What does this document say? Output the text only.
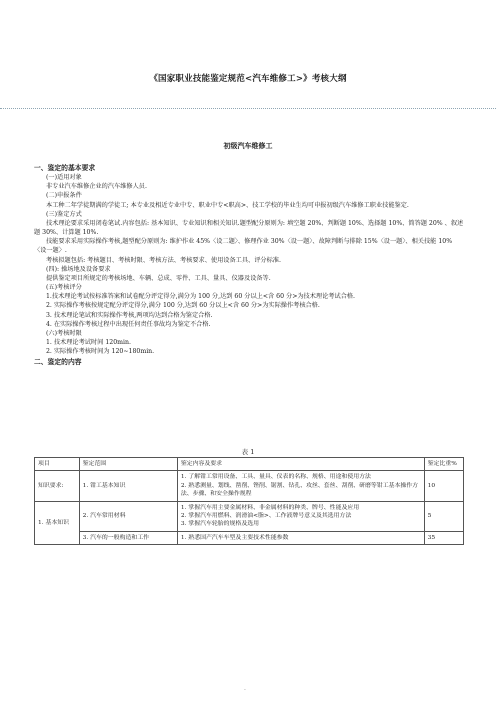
《国家职业技能鉴定规范<汽车维修工>》考核大纲
初级汽车维修工

一、鉴定的基本要求

(一)适用对象

非专业汽车维修企业的汽车维修人员.

(二)申报条件

本工种二年学徒期满的学徒工; 本专业及相近专业中专、职业中专<职高>、技工学校的毕业生均可申报初级汽车维修工职业技能鉴定.

(三)鉴定方式

技术理论要求采用闭卷笔试.内容包括: 基本知识、专业知识和相关知识.题型配分原则为: 填空题 20%、判断题 10%、选择题 10%、简答题 20% 、叙述题 30%、计算题 10%.

技能要求采用实际操作考核,题型配分原则为: 维护作业 45%〈设二题〉、修理作业 30%〈设一题〉、故障判断与排除 15%〈设一题〉、相关技能 10%〈设一题〉.

考核拟题包括: 考核题目、考核时限、考核方法、考核要求、使用设备工具、评分标准.

(四): 操场地及设备要求

提供鉴定项目所规定的考核场地、车辆、总成、零件、工具、量具、仪器及设备等.

(五)考核评分

1.技术理论考试按标准答案和试卷配分评定得分,满分为 100 分,达到 60 分以上<含 60 分>为技术理论考试合格.

2. 实际操作考核按规定配分评定得分,满分 100 分,达到 60 分以上<含 60 分>为实际操作考核合格.

3. 技术理论笔试和实际操作考核,两项均达到合格为鉴定合格.

4. 在实际操作考核过程中出现任何责任事故均为鉴定不合格.

(六)考核时限

1. 技术理论考试时间 120min.

2. 实际操作考核时间为 120~180min.

二、鉴定的内容

表 1
项目	鉴定范围	鉴定内容及要求	鉴定比重%
知识要求:	1. 钳工基本知识	1. 了解钳工常用设备、工具、量具、仪表的名称、规格、用途和使用方法
2. 熟悉测量、划线、凿削、锉削、锯割、钻孔、攻丝、套丝、刮削、研磨等钳工基本操作方法、步骤、和安全操作规程	10
1. 基本知识	2. 汽车常用材料	1. 掌握汽车用主要金属材料、非金属材料的种类、牌号、性能及应用
2. 掌握汽车用燃料、润滑油<脂>、工作液牌号意义及其选用方法
3. 掌握汽车轮胎的规格及选用	5
	3. 汽车的一般构造和工作	1. 熟悉国产汽车车型及主要技术性能参数	35
.
